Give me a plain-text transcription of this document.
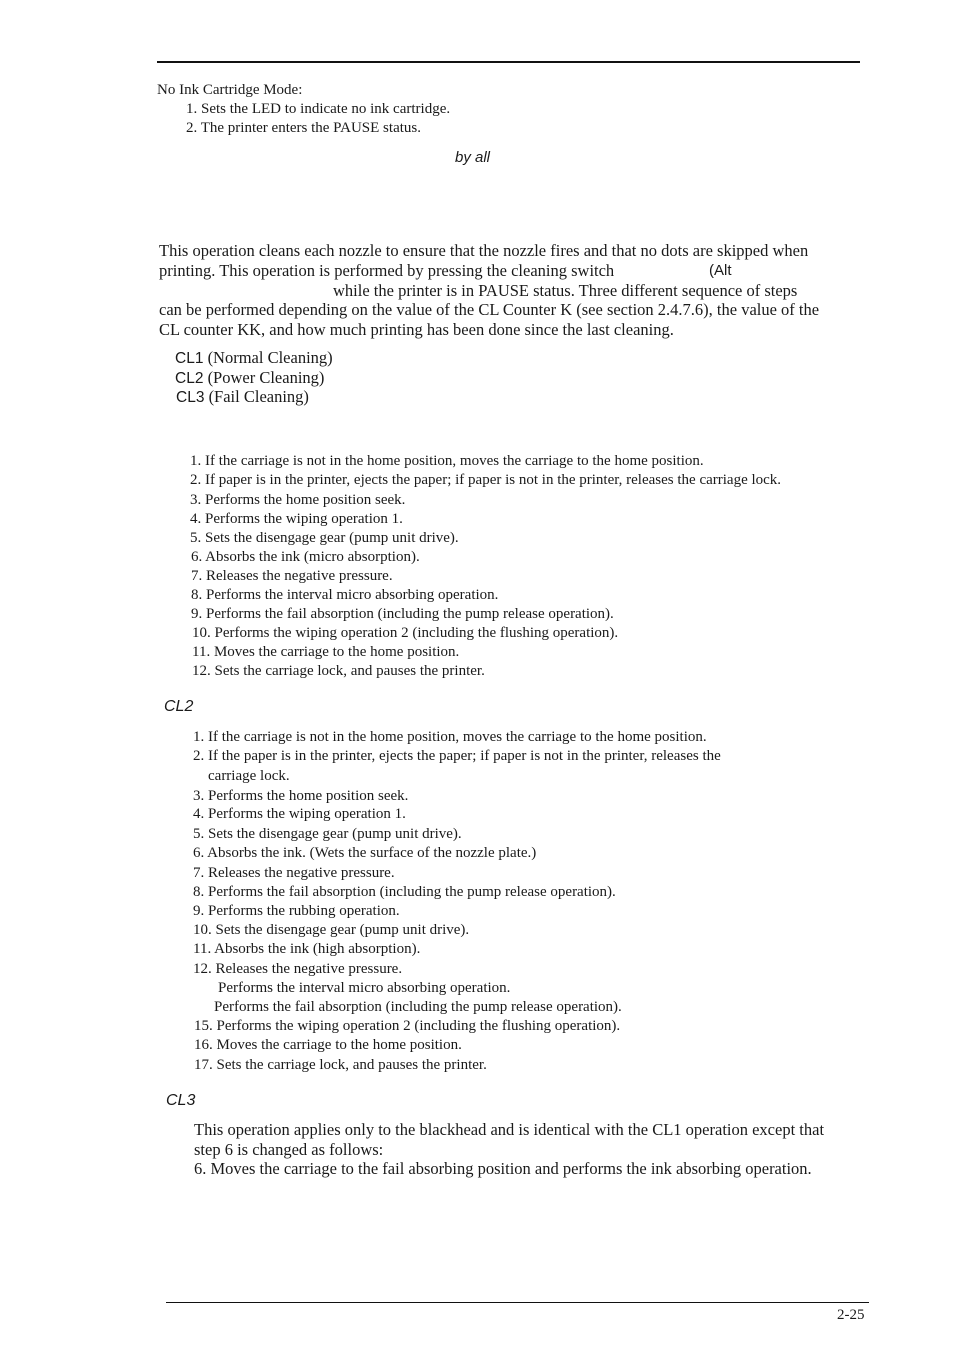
No Ink Cartridge Mode:
1. Sets the LED to indicate no ink cartridge.
2. The printer enters the PAUSE status.
by all
This operation cleans each nozzle to ensure that the nozzle fires and that no dots are skipped when
printing. This operation is performed by pressing the cleaning switch	(Alt
while the printer is in PAUSE status. Three different sequence of steps
can be performed depending on the value of the CL Counter K (see section 2.4.7.6), the value of the
CL counter KK, and how much printing has been done since the last cleaning.
CL1 (Normal Cleaning)
CL2 (Power Cleaning)
CL3 (Fail Cleaning)
1. If the carriage is not in the home position, moves the carriage to the home position.
2. If paper is in the printer, ejects the paper; if paper is not in the printer, releases the carriage lock.
3. Performs the home position seek.
4. Performs the wiping operation 1.
5. Sets the disengage gear (pump unit drive).
6. Absorbs the ink (micro absorption).
7. Releases the negative pressure.
8. Performs the interval micro absorbing operation.
9. Performs the fail absorption (including the pump release operation).
10. Performs the wiping operation 2 (including the flushing operation).
11. Moves the carriage to the home position.
12. Sets the carriage lock, and pauses the printer.
CL2
1. If the carriage is not in the home position, moves the carriage to the home position.
2. If the paper is in the printer, ejects the paper; if paper is not in the printer, releases the
carriage lock.
3. Performs the home position seek.
4. Performs the wiping operation 1.
5. Sets the disengage gear (pump unit drive).
6. Absorbs the ink. (Wets the surface of the nozzle plate.)
7. Releases the negative pressure.
8. Performs the fail absorption (including the pump release operation).
9. Performs the rubbing operation.
10. Sets the disengage gear (pump unit drive).
11. Absorbs the ink (high absorption).
12. Releases the negative pressure.
Performs the interval micro absorbing operation.
Performs the fail absorption (including the pump release operation).
15. Performs the wiping operation 2 (including the flushing operation).
16. Moves the carriage to the home position.
17. Sets the carriage lock, and pauses the printer.
CL3
This operation applies only to the blackhead and is identical with the CL1 operation except that
step 6 is changed as follows:
6. Moves the carriage to the fail absorbing position and performs the ink absorbing operation.
2-25
